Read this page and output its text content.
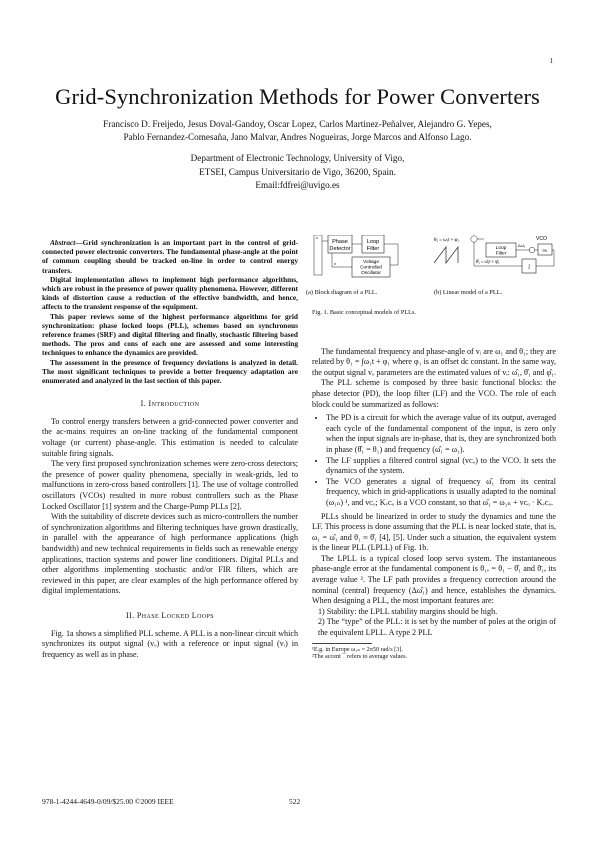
1
Grid-Synchronization Methods for Power Converters
Francisco D. Freijedo, Jesus Doval-Gandoy, Oscar Lopez, Carlos Martinez-Peñalver, Alejandro G. Yepes,
Pablo Fernandez-Comesaña, Jano Malvar, Andres Nogueiras, Jorge Marcos and Alfonso Lago.
Department of Electronic Technology, University of Vigo,
ETSEI, Campus Universitario de Vigo, 36200, Spain.
Email:fdfrei@uvigo.es

Abstract—Grid synchronization is an important part in the control of grid-connected power electronic converters. The fundamental phase-angle at the point of common coupling should be tracked on-line in order to control energy transfers.

Digital implementation allows to implement high performance algorithms, which are robust in the presence of power quality phenomena. However, different kinds of distortion cause a reduction of the effective bandwidth, and hence, affects to the transient response of the equipment.

This paper reviews some of the highest performance algorithms for grid synchronization: phase locked loops (PLL), schemes based on synchronous reference frames (SRF) and digital filtering and finally, stochastic filtering based methods. The pros and cons of each one are assessed and some interesting techniques to enhance the dynamics are provided.

The assessment in the presence of frequency deviations is analyzed in detail. The most significant techniques to provide a better frequency adaptation are enumerated and analyzed in the last section of this paper.

I. Introduction

To control energy transfers between a grid-connected power converter and the ac-mains requires an on-line tracking of the fundamental component voltage (or current) phase-angle. This estimation is needed to calculate suitable firing signals.

The very first proposed synchronization schemes were zero-cross detectors; the presence of power quality phenomena, specially in weak-grids, led to malfunctions in zero-cross based controllers [1]. The use of voltage controlled oscillators (VCOs) resulted in more robust controllers such as the Phase Locked Oscillator [1] system and the Charge-Pump PLLs [2].

With the suitability of discrete devices such as micro-controllers the number of synchronization algorithms and filtering techniques have grown drastically, in parallel with the appearance of high performance applications (high bandwidth) and new technical requirements in fields such as renewable energy applications, traction systems and power line conditioners. Digital PLLs and other algorithms implementing stochastic and/or FIR filters, which are reviewed in this paper, are clear examples of the high performance offered by digital implementations.

II. Phase Locked Loops

Fig. 1a shows a simplified PLL scheme. A PLL is a non-linear circuit which synchronizes its output signal (vₒ) with a reference or input signal (vᵢ) in frequency as well as in phase.

Phase
Detector
Loop
Filter
Voltage
Controlled
Oscillator
v
v
θ₁ = ω₁t + φ₁
Loop
Filter
VCO
ω₁
∫
θ̂₁ = ω̂₁t + φ̂₁
Δω̂₁
(a) Block diagram of a PLL.	(b) Linear model of a PLL.
Fig. 1. Basic conceptual models of PLLs.

The fundamental frequency and phase-angle of vᵢ are ω₁ and θ₁; they are related by θ₁ = ∫ω₁t + φ₁ where φ₁ is an offset dc constant. In the same way, the output signal vₒ parameters are the estimated values of vᵢ: ω̂₁, θ̂₁ and φ̂₁.

The PLL scheme is composed by three basic functional blocks: the phase detector (PD), the loop filter (LF) and the VCO. The role of each block could be summarized as follows:

• The PD is a circuit for which the average value of its output, averaged each cycle of the fundamental component of the input, is zero only when the input signals are in-phase, that is, they are synchronized both in phase (θ̂₁ = θ₁) and frequency (ω̂₁ = ω₁).
• The LF supplies a filtered control signal (vᴄₒ) to the VCO. It sets the dynamics of the system.
• The VCO generates a signal of frequency ω̂₁ from its central frequency, which in grid-applications is usually adapted to the nominal (ω₁ₙ) ¹, and vᴄₒ; Kᵥᴄₒ is a VCO constant, so that ω̂₁ = ω₁ₙ + vᴄₒ · Kᵥᴄₒ.

PLLs should be linearized in order to study the dynamics and tune the LF. This process is done assuming that the PLL is near locked state, that is, ω₁ = ω̂₁ and θ₁ ≈ θ̂₁ [4], [5]. Under such a situation, the equivalent system is the linear PLL (LPLL) of Fig. 1b.

The LPLL is a typical closed loop servo system. The instantaneous phase-angle error at the fundamental component is θ₁ₑ = θ₁ − θ̂₁ and θ̄₁ₑ its average value ². The LF path provides a frequency correction around the nominal (central) frequency (Δω̂₁) and hence, establishes the dynamics. When designing a PLL, the most important features are:

1) Stability: the LPLL stability margins should be high.
2) The “type” of the PLL: it is set by the number of poles at the origin of the equivalent LPLL. A type 2 PLL
¹E.g. in Europe ω₁ₙ = 2π50 rad/s [3].
²The accent ¯ refers to average values.
978-1-4244-4649-0/09/$25.00 ©2009 IEEE	522
